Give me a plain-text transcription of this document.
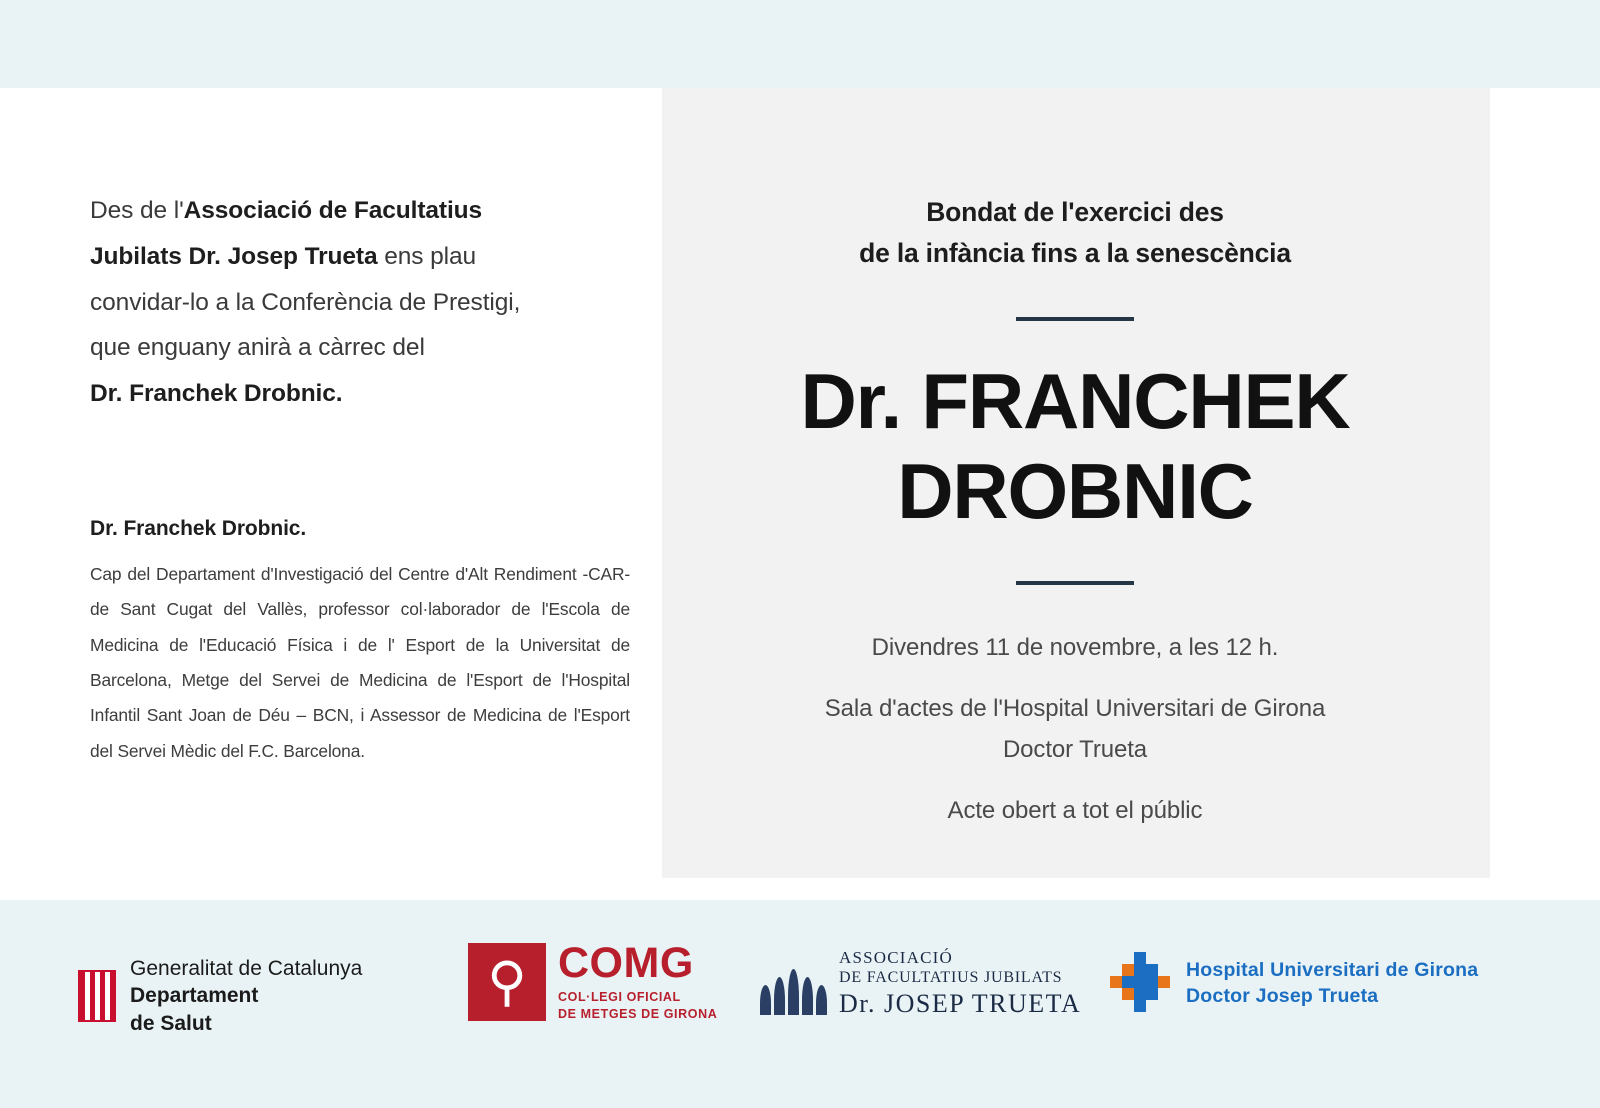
Des de l'Associació de Facultatius
Jubilats Dr. Josep Trueta ens plau
convidar-lo a la Conferència de Prestigi,
que enguany anirà a càrrec del
Dr. Franchek Drobnic.
Dr. Franchek Drobnic.
Cap del Departament d'Investigació del Centre d'Alt Rendiment -CAR- de Sant Cugat del Vallès, professor col·laborador de l'Escola de Medicina de l'Educació Física i de l' Esport de la Universitat de Barcelona, Metge del Servei de Medicina de l'Esport de l'Hospital Infantil Sant Joan de Déu – BCN, i Assessor de Medicina de l'Esport del Servei Mèdic del F.C. Barcelona.
Bondat de l'exercici des
de la infància fins a la senescència
Dr. FRANCHEK
DROBNIC
Divendres 11 de novembre, a les 12 h.
Sala d'actes de l'Hospital Universitari de Girona
Doctor Trueta
Acte obert a tot el públic
Generalitat de Catalunya
Departament
de Salut
⚲ COMG
COL·LEGI OFICIAL
DE METGES DE GIRONA
ASSOCIACIÓ
DE FACULTATIUS JUBILATS
Dr. JOSEP TRUETA
Hospital Universitari de Girona
Doctor Josep Trueta
